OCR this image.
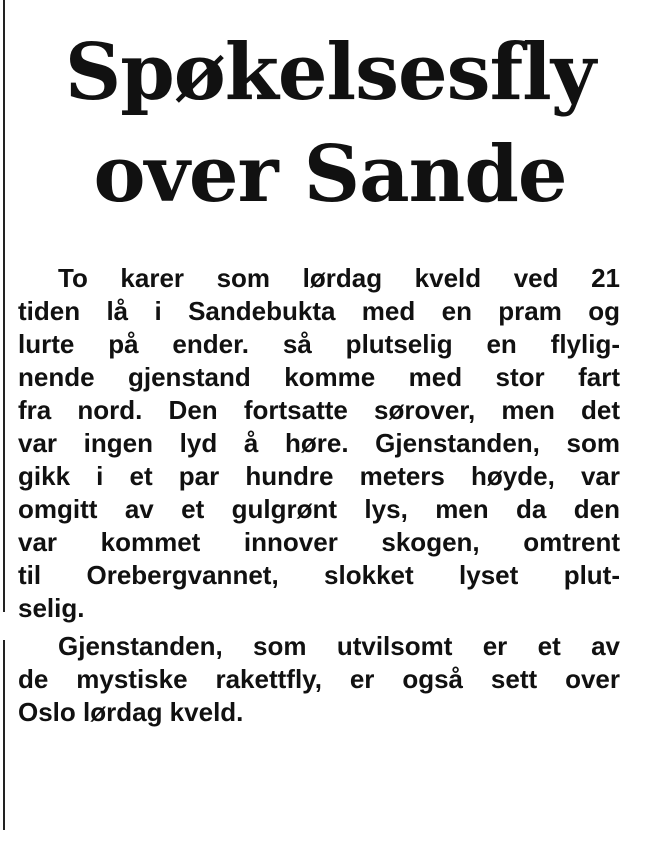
Spøkelsesfly
over Sande
To karer som lørdag kveld ved 21
tiden lå i Sandebukta med en pram og
lurte på ender. så plutselig en flylig-
nende gjenstand komme med stor fart
fra nord. Den fortsatte sørover, men det
var ingen lyd å høre. Gjenstanden, som
gikk i et par hundre meters høyde, var
omgitt av et gulgrønt lys, men da den
var kommet innover skogen, omtrent
til Orebergvannet, slokket lyset plut-
selig.
Gjenstanden, som utvilsomt er et av
de mystiske rakettfly, er også sett over
Oslo lørdag kveld.
